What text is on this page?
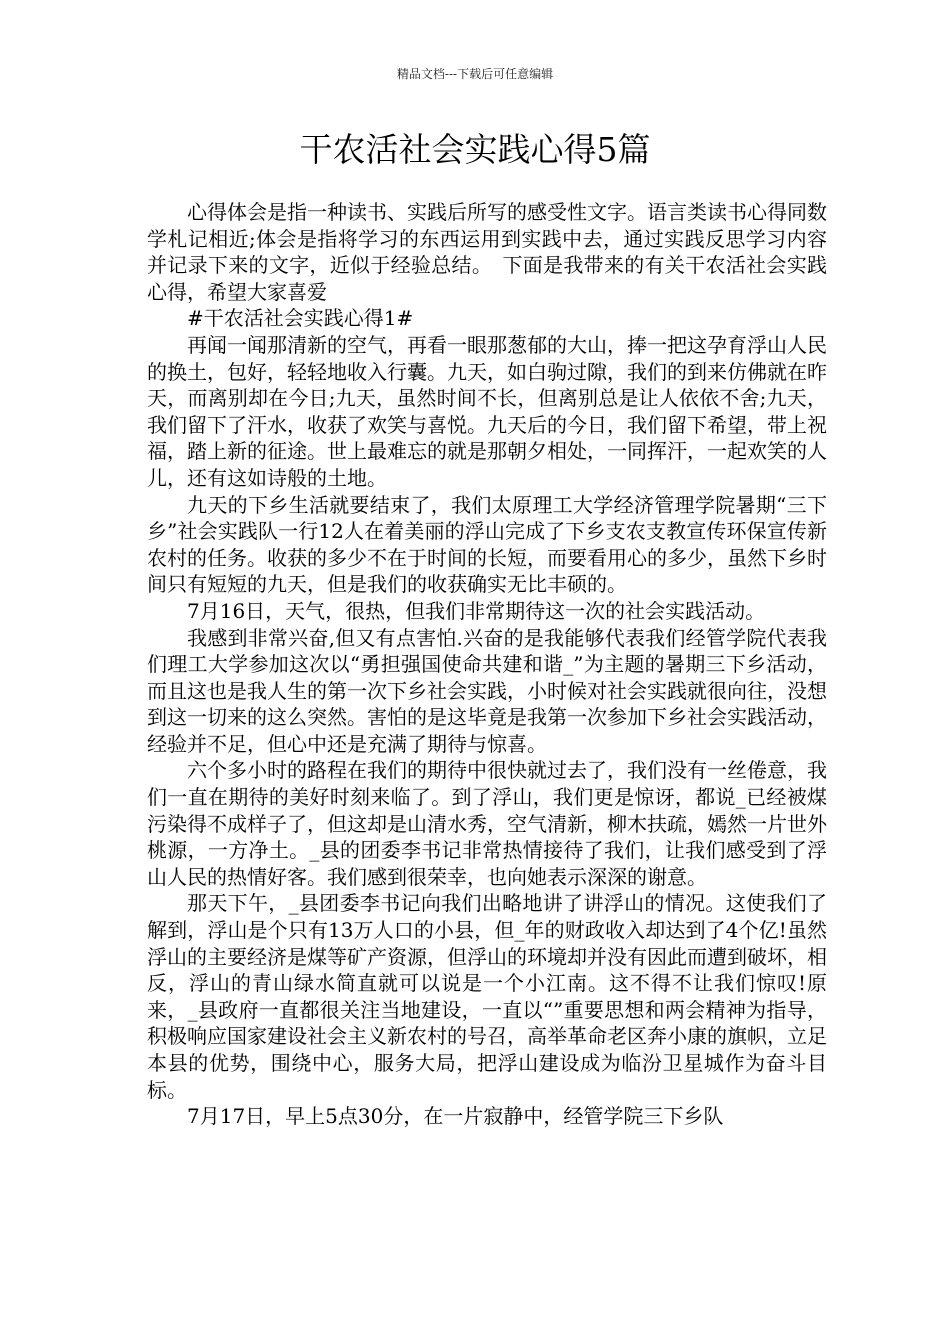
精品文档---下载后可任意编辑
干农活社会实践心得5篇

心得体会是指一种读书、实践后所写的感受性文字。语言类读书心得同数学札记相近;体会是指将学习的东西运用到实践中去，通过实践反思学习内容并记录下来的文字，近似于经验总结。　下面是我带来的有关干农活社会实践心得，希望大家喜爱

#干农活社会实践心得1#

再闻一闻那清新的空气，再看一眼那葱郁的大山，捧一把这孕育浮山人民的换土，包好，轻轻地收入行囊。九天，如白驹过隙，我们的到来仿佛就在昨天，而离别却在今日;九天，虽然时间不长，但离别总是让人依依不舍;九天，我们留下了汗水，收获了欢笑与喜悦。九天后的今日，我们留下希望，带上祝福，踏上新的征途。世上最难忘的就是那朝夕相处，一同挥汗，一起欢笑的人儿，还有这如诗般的土地。

九天的下乡生活就要结束了，我们太原理工大学经济管理学院暑期“三下乡”社会实践队一行12人在着美丽的浮山完成了下乡支农支教宣传环保宣传新农村的任务。收获的多少不在于时间的长短，而要看用心的多少，虽然下乡时间只有短短的九天，但是我们的收获确实无比丰硕的。

7月16日，天气，很热，但我们非常期待这一次的社会实践活动。

我感到非常兴奋,但又有点害怕.兴奋的是我能够代表我们经管学院代表我们理工大学参加这次以“勇担强国使命共建和谐_”为主题的暑期三下乡活动，而且这也是我人生的第一次下乡社会实践，小时候对社会实践就很向往，没想到这一切来的这么突然。害怕的是这毕竟是我第一次参加下乡社会实践活动，经验并不足，但心中还是充满了期待与惊喜。

六个多小时的路程在我们的期待中很快就过去了，我们没有一丝倦意，我们一直在期待的美好时刻来临了。到了浮山，我们更是惊讶，都说_已经被煤污染得不成样子了，但这却是山清水秀，空气清新，柳木扶疏，嫣然一片世外桃源，一方净土。_县的团委李书记非常热情接待了我们，让我们感受到了浮山人民的热情好客。我们感到很荣幸，也向她表示深深的谢意。

那天下午，_县团委李书记向我们出略地讲了讲浮山的情况。这使我们了解到，浮山是个只有13万人口的小县，但_年的财政收入却达到了4个亿!虽然浮山的主要经济是煤等矿产资源，但浮山的环境却并没有因此而遭到破坏，相反，浮山的青山绿水简直就可以说是一个小江南。这不得不让我们惊叹!原来，_县政府一直都很关注当地建设，一直以“”重要思想和两会精神为指导，积极响应国家建设社会主义新农村的号召，高举革命老区奔小康的旗帜，立足本县的优势，围绕中心，服务大局，把浮山建设成为临汾卫星城作为奋斗目标。

7月17日，早上5点30分，在一片寂静中，经管学院三下乡队
